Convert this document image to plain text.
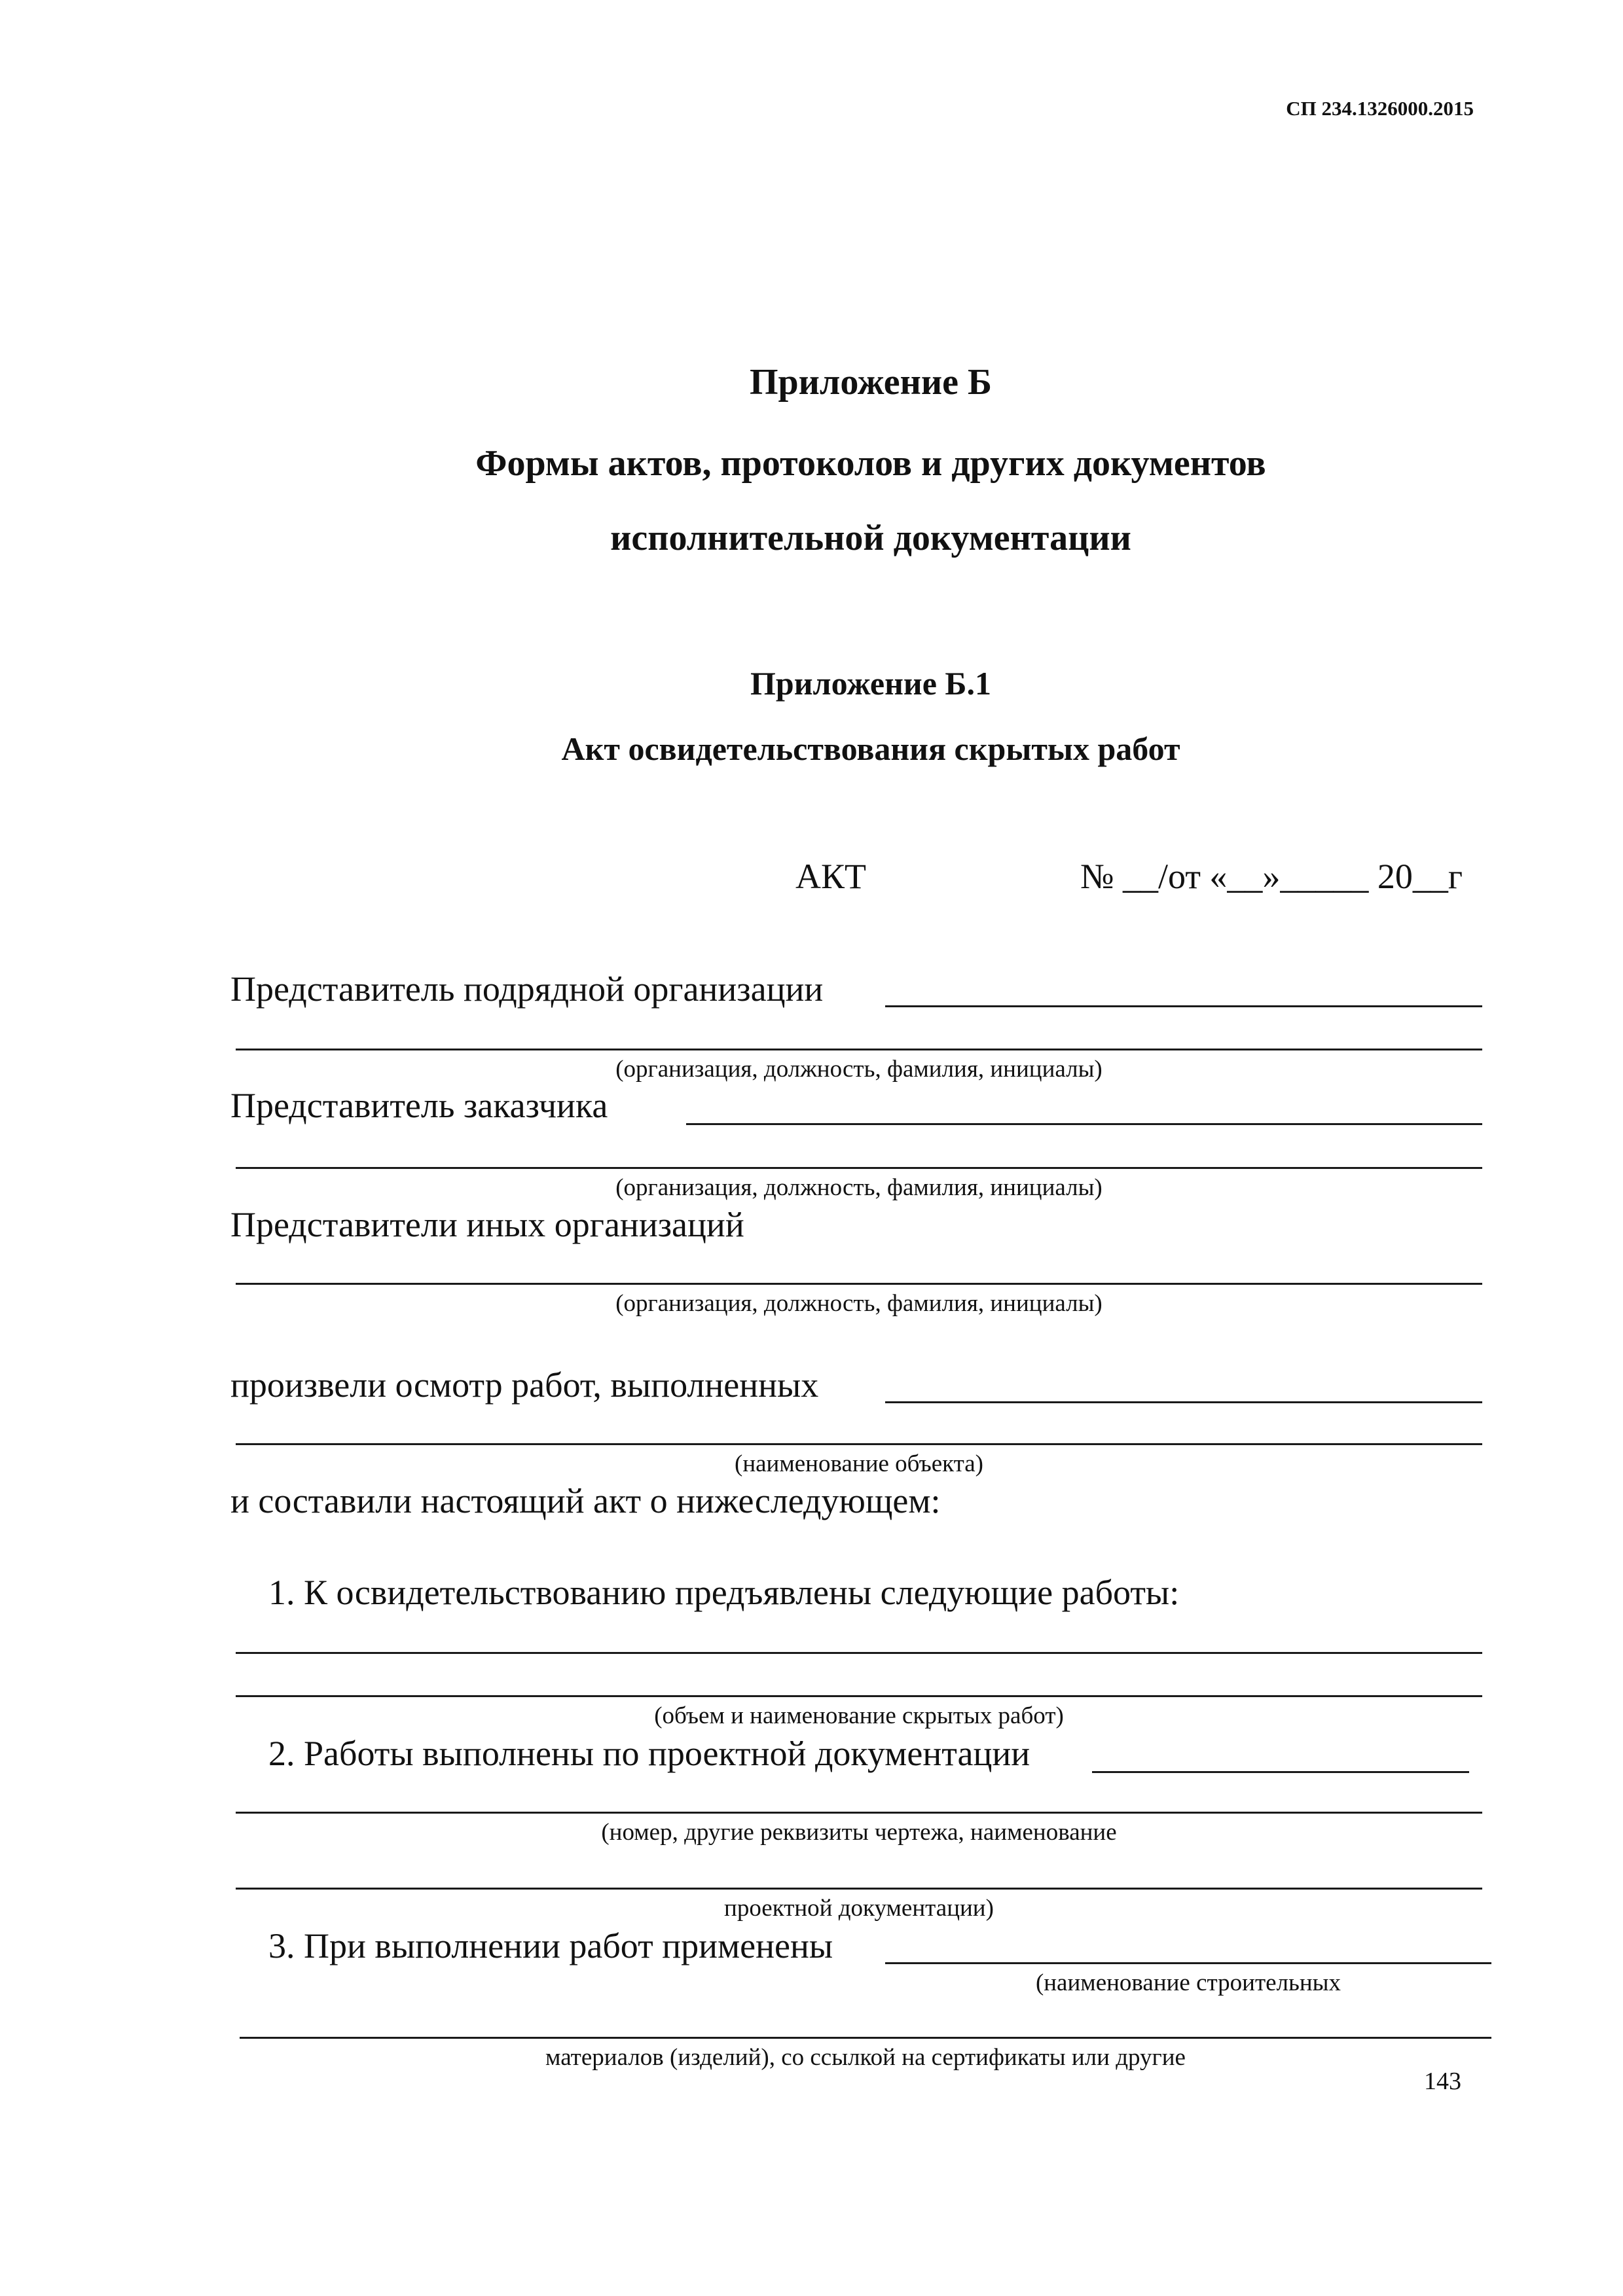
СП 234.1326000.2015
Приложение Б
Формы актов, протоколов и других документов
исполнительной документации
Приложение Б.1
Акт освидетельствования скрытых работ
АКТ	№ __/от «__»_____ 20__г
Представитель подрядной организации
(организация, должность, фамилия, инициалы)
Представитель заказчика
(организация, должность, фамилия, инициалы)
Представители иных организаций
(организация, должность, фамилия, инициалы)
произвели осмотр работ, выполненных
(наименование объекта)
и составили настоящий акт о нижеследующем:
1. К освидетельствованию предъявлены следующие работы:
(объем и наименование скрытых работ)
2. Работы выполнены по проектной документации
(номер, другие реквизиты чертежа, наименование
проектной документации)
3. При выполнении работ применены
(наименование строительных
материалов (изделий), со ссылкой на сертификаты или другие
143
